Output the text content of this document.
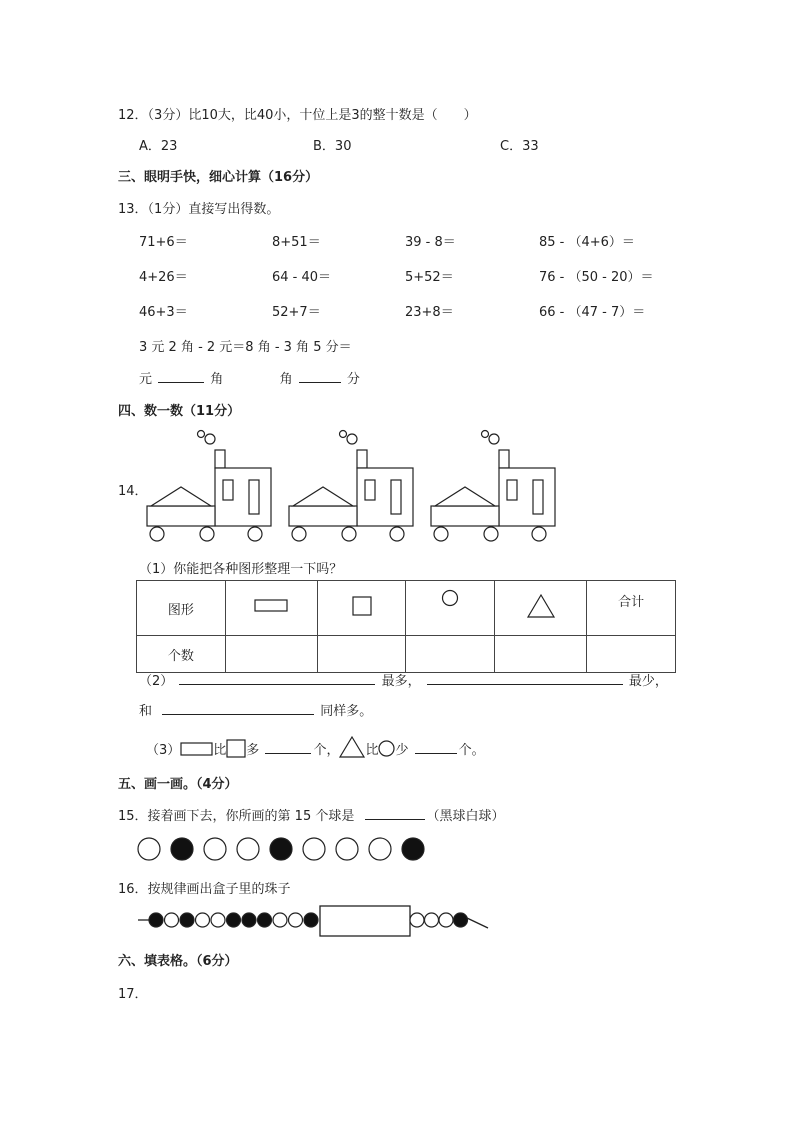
12．（3分）比10大，比40小，十位上是3的整十数是（　　）
A．23	B．30	C．33
三、眼明手快，细心计算（16分）
13．（1分）直接写出得数。
71+6＝	8+51＝	39 - 8＝	85 - （4+6）＝
4+26＝	64 - 40＝	5+52＝	76 - （50 - 20）＝
46+3＝	52+7＝	23+8＝	66 - （47 - 7）＝
3 元 2 角 - 2 元＝8 角 - 3 角 5 分＝
元	角	角	分
四、数一数（11分）
14．
（1）你能把各种图形整理一下吗？
图形					合计
个数					
（2）	最多，	最少，
和	同样多。
（3）	比 多	个， 比 少	个。
五、画一画。（4分）
15．接着画下去，你所画的第 15 个球是	（黑球白球）
16．按规律画出盒子里的珠子
六、填表格。（6分）
17．
